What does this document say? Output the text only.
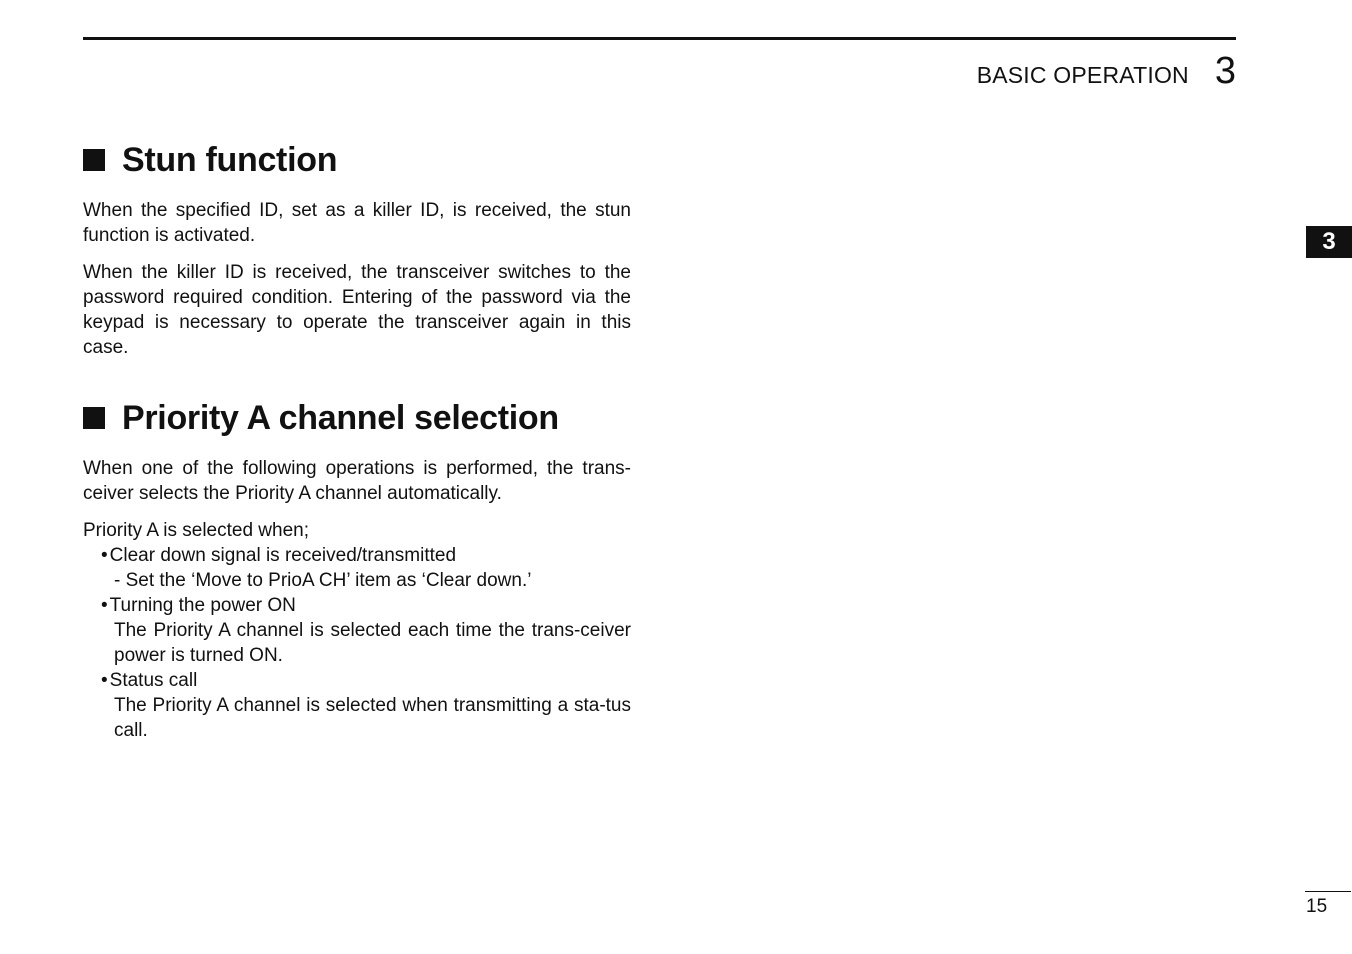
BASIC OPERATION 3
3
Stun function

When the specified ID, set as a killer ID, is received, the stun function is activated.

When the killer ID is received, the transceiver switches to the password required condition. Entering of the password via the keypad is necessary to operate the transceiver again in this case.

Priority A channel selection

When one of the following operations is performed, the trans-ceiver selects the Priority A channel automatically.

Priority A is selected when;
• Clear down signal is received/transmitted
- Set the ‘Move to PrioA CH’ item as ‘Clear down.’
• Turning the power ON
The Priority A channel is selected each time the trans-ceiver power is turned ON.
• Status call
The Priority A channel is selected when transmitting a sta-tus call.
15
